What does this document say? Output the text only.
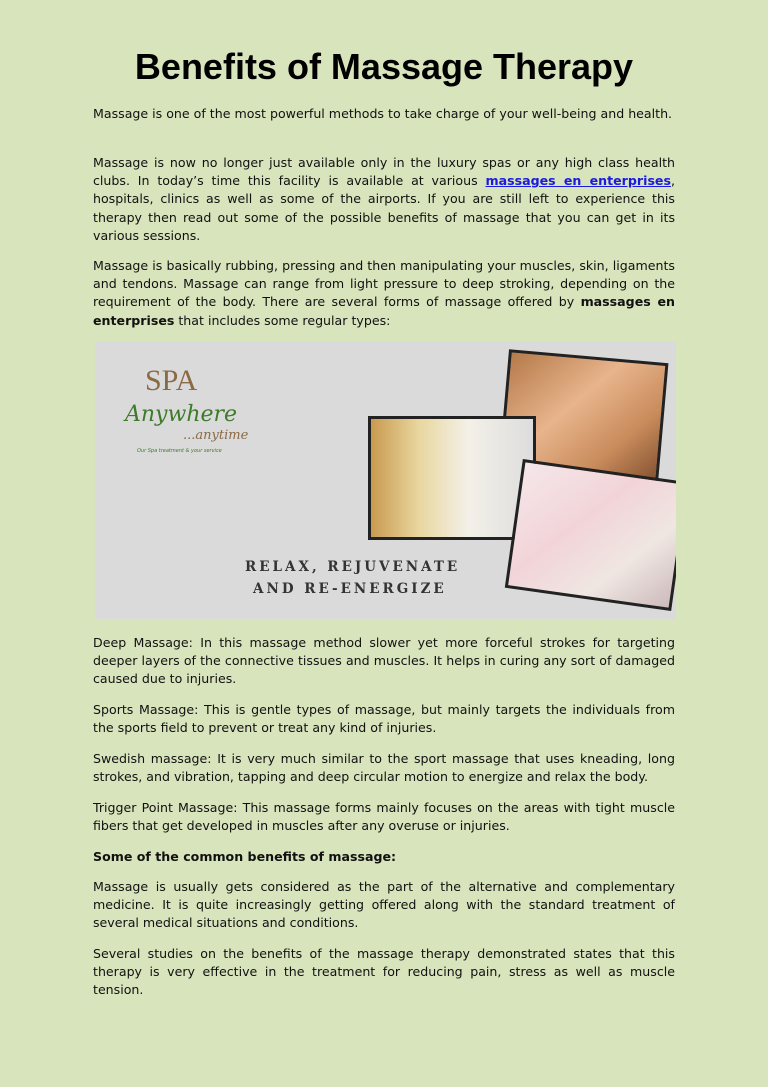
Benefits of Massage Therapy

Massage is one of the most powerful methods to take charge of your well-being and health.

Massage is now no longer just available only in the luxury spas or any high class health clubs. In today’s time this facility is available at various massages en enterprises, hospitals, clinics as well as some of the airports. If you are still left to experience this therapy then read out some of the possible benefits of massage that you can get in its various sessions.

Massage is basically rubbing, pressing and then manipulating your muscles, skin, ligaments and tendons. Massage can range from light pressure to deep stroking, depending on the requirement of the body. There are several forms of massage offered by massages en enterprises that includes some regular types:

SPA
Anywhere
...anytime
Our Spa treatment & your service
RELAX, REJUVENATE
AND RE-ENERGIZE

Deep Massage: In this massage method slower yet more forceful strokes for targeting deeper layers of the connective tissues and muscles. It helps in curing any sort of damaged caused due to injuries.

Sports Massage: This is gentle types of massage, but mainly targets the individuals from the sports field to prevent or treat any kind of injuries.

Swedish massage: It is very much similar to the sport massage that uses kneading, long strokes, and vibration, tapping and deep circular motion to energize and relax the body.

Trigger Point Massage: This massage forms mainly focuses on the areas with tight muscle fibers that get developed in muscles after any overuse or injuries.

Some of the common benefits of massage:

Massage is usually gets considered as the part of the alternative and complementary medicine. It is quite increasingly getting offered along with the standard treatment of several medical situations and conditions.

Several studies on the benefits of the massage therapy demonstrated states that this therapy is very effective in the treatment for reducing pain, stress as well as muscle tension.
